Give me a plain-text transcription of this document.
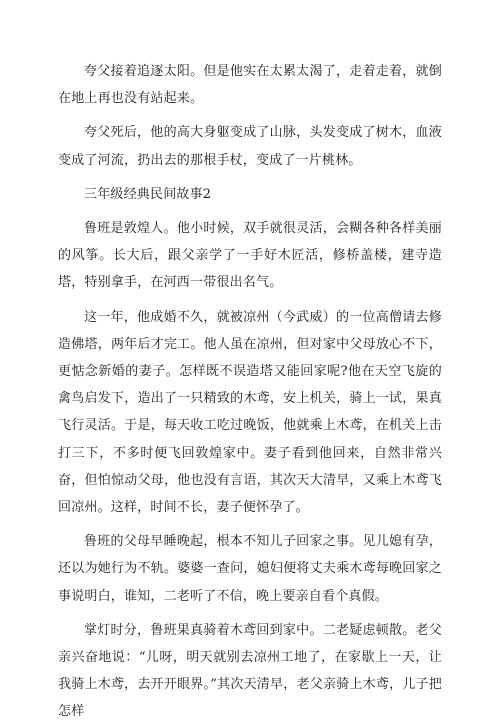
夸父接着追逐太阳。但是他实在太累太渴了，走着走着，就倒在地上再也没有站起来。

夸父死后，他的高大身躯变成了山脉，头发变成了树木，血液变成了河流，扔出去的那根手杖，变成了一片桃林。

三年级经典民间故事2

鲁班是敦煌人。他小时候，双手就很灵活，会糊各种各样美丽的风筝。长大后，跟父亲学了一手好木匠活，修桥盖楼，建寺造塔，特别拿手，在河西一带很出名气。

这一年，他成婚不久，就被凉州（今武威）的一位高僧请去修造佛塔，两年后才完工。他人虽在凉州，但对家中父母放心不下，更惦念新婚的妻子。怎样既不误造塔又能回家呢?他在天空飞旋的禽鸟启发下，造出了一只精致的木鸢，安上机关，骑上一试，果真飞行灵活。于是，每天收工吃过晚饭，他就乘上木鸢，在机关上击打三下，不多时便飞回敦煌家中。妻子看到他回来，自然非常兴奋，但怕惊动父母，他也没有言语，其次天大清早，又乘上木鸢飞回凉州。这样，时间不长，妻子便怀孕了。

鲁班的父母早睡晚起，根本不知儿子回家之事。见儿媳有孕，还以为她行为不轨。婆婆一查问，媳妇便将丈夫乘木鸢每晚回家之事说明白，谁知，二老听了不信，晚上要亲自看个真假。

掌灯时分，鲁班果真骑着木鸢回到家中。二老疑虑顿散。老父亲兴奋地说：“儿呀，明天就别去凉州工地了，在家歇上一天，让我骑上木鸢，去开开眼界。”其次天清早，老父亲骑上木鸢，儿子把怎样
